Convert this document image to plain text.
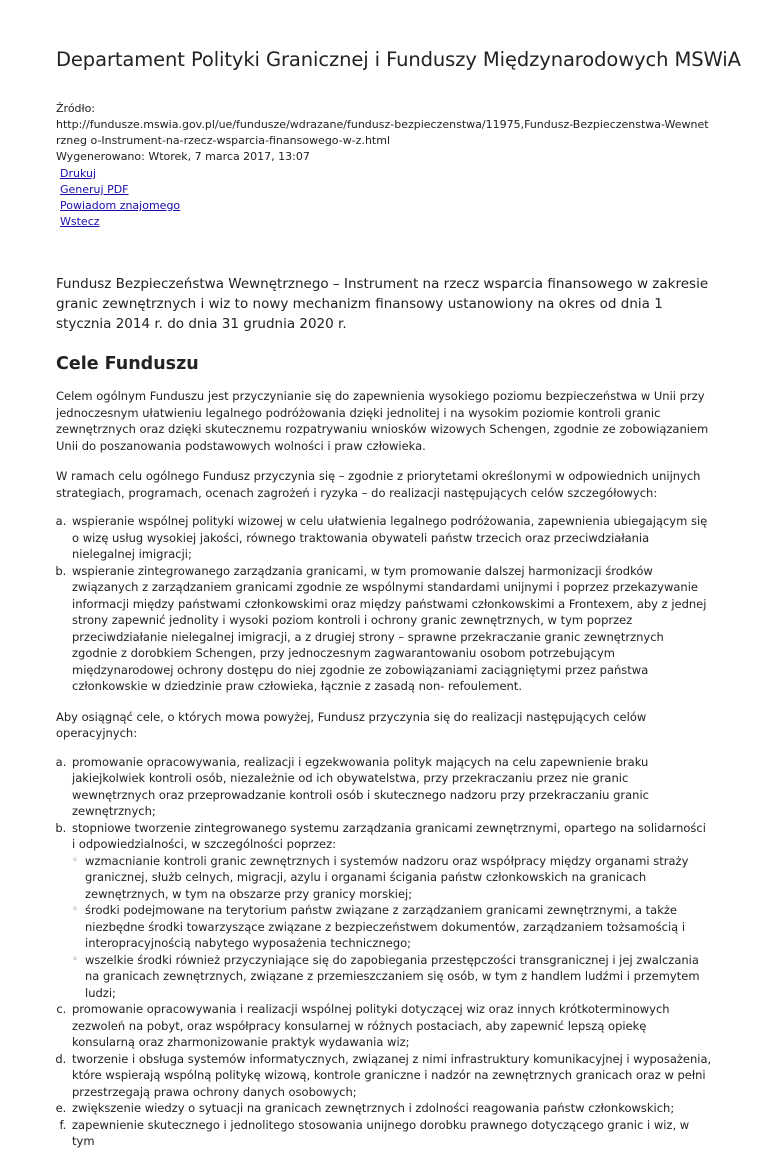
Departament Polityki Granicznej i Funduszy Międzynarodowych MSWiA
Źródło:
http://fundusze.mswia.gov.pl/ue/fundusze/wdrazane/fundusz-bezpieczenstwa/11975,Fundusz-Bezpieczenstwa-Wewnetrzneg o-Instrument-na-rzecz-wsparcia-finansowego-w-z.html
Wygenerowano: Wtorek, 7 marca 2017, 13:07
Drukuj
Generuj PDF
Powiadom znajomego
Wstecz

Fundusz Bezpieczeństwa Wewnętrznego – Instrument na rzecz wsparcia finansowego w zakresie granic zewnętrznych i wiz to nowy mechanizm finansowy ustanowiony na okres od dnia 1 stycznia 2014 r. do dnia 31 grudnia 2020 r.

Cele Funduszu

Celem ogólnym Funduszu jest przyczynianie się do zapewnienia wysokiego poziomu bezpieczeństwa w Unii przy jednoczesnym ułatwieniu legalnego podróżowania dzięki jednolitej i na wysokim poziomie kontroli granic zewnętrznych oraz dzięki skutecznemu rozpatrywaniu wniosków wizowych Schengen, zgodnie ze zobowiązaniem Unii do poszanowania podstawowych wolności i praw człowieka.

W ramach celu ogólnego Fundusz przyczynia się – zgodnie z priorytetami określonymi w odpowiednich unijnych strategiach, programach, ocenach zagrożeń i ryzyka – do realizacji następujących celów szczegółowych:

a. wspieranie wspólnej polityki wizowej w celu ułatwienia legalnego podróżowania, zapewnienia ubiegającym się o wizę usług wysokiej jakości, równego traktowania obywateli państw trzecich oraz przeciwdziałania nielegalnej imigracji;
b. wspieranie zintegrowanego zarządzania granicami, w tym promowanie dalszej harmonizacji środków związanych z zarządzaniem granicami zgodnie ze wspólnymi standardami unijnymi i poprzez przekazywanie informacji między państwami członkowskimi oraz między państwami członkowskimi a Frontexem, aby z jednej strony zapewnić jednolity i wysoki poziom kontroli i ochrony granic zewnętrznych, w tym poprzez przeciwdziałanie nielegalnej imigracji, a z drugiej strony – sprawne przekraczanie granic zewnętrznych zgodnie z dorobkiem Schengen, przy jednoczesnym zagwarantowaniu osobom potrzebującym międzynarodowej ochrony dostępu do niej zgodnie ze zobowiązaniami zaciągniętymi przez państwa członkowskie w dziedzinie praw człowieka, łącznie z zasadą non- refoulement.

Aby osiągnąć cele, o których mowa powyżej, Fundusz przyczynia się do realizacji następujących celów operacyjnych:

a. promowanie opracowywania, realizacji i egzekwowania polityk mających na celu zapewnienie braku jakiejkolwiek kontroli osób, niezależnie od ich obywatelstwa, przy przekraczaniu przez nie granic wewnętrznych oraz przeprowadzanie kontroli osób i skutecznego nadzoru przy przekraczaniu granic zewnętrznych;
b. stopniowe tworzenie zintegrowanego systemu zarządzania granicami zewnętrznymi, opartego na solidarności i odpowiedzialności, w szczególności poprzez:
◦ wzmacnianie kontroli granic zewnętrznych i systemów nadzoru oraz współpracy między organami straży granicznej, służb celnych, migracji, azylu i organami ścigania państw członkowskich na granicach zewnętrznych, w tym na obszarze przy granicy morskiej;
◦ środki podejmowane na terytorium państw związane z zarządzaniem granicami zewnętrznymi, a także niezbędne środki towarzyszące związane z bezpieczeństwem dokumentów, zarządzaniem tożsamością i interopracyjnością nabytego wyposażenia technicznego;
◦ wszelkie środki również przyczyniające się do zapobiegania przestępczości transgranicznej i jej zwalczania na granicach zewnętrznych, związane z przemieszczaniem się osób, w tym z handlem ludźmi i przemytem ludzi;
c. promowanie opracowywania i realizacji wspólnej polityki dotyczącej wiz oraz innych krótkoterminowych zezwoleń na pobyt, oraz współpracy konsularnej w różnych postaciach, aby zapewnić lepszą opiekę konsularną oraz zharmonizowanie praktyk wydawania wiz;
d. tworzenie i obsługa systemów informatycznych, związanej z nimi infrastruktury komunikacyjnej i wyposażenia, które wspierają wspólną politykę wizową, kontrole graniczne i nadzór na zewnętrznych granicach oraz w pełni przestrzegają prawa ochrony danych osobowych;
e. zwiększenie wiedzy o sytuacji na granicach zewnętrznych i zdolności reagowania państw członkowskich;
f. zapewnienie skutecznego i jednolitego stosowania unijnego dorobku prawnego dotyczącego granic i wiz, w tym
